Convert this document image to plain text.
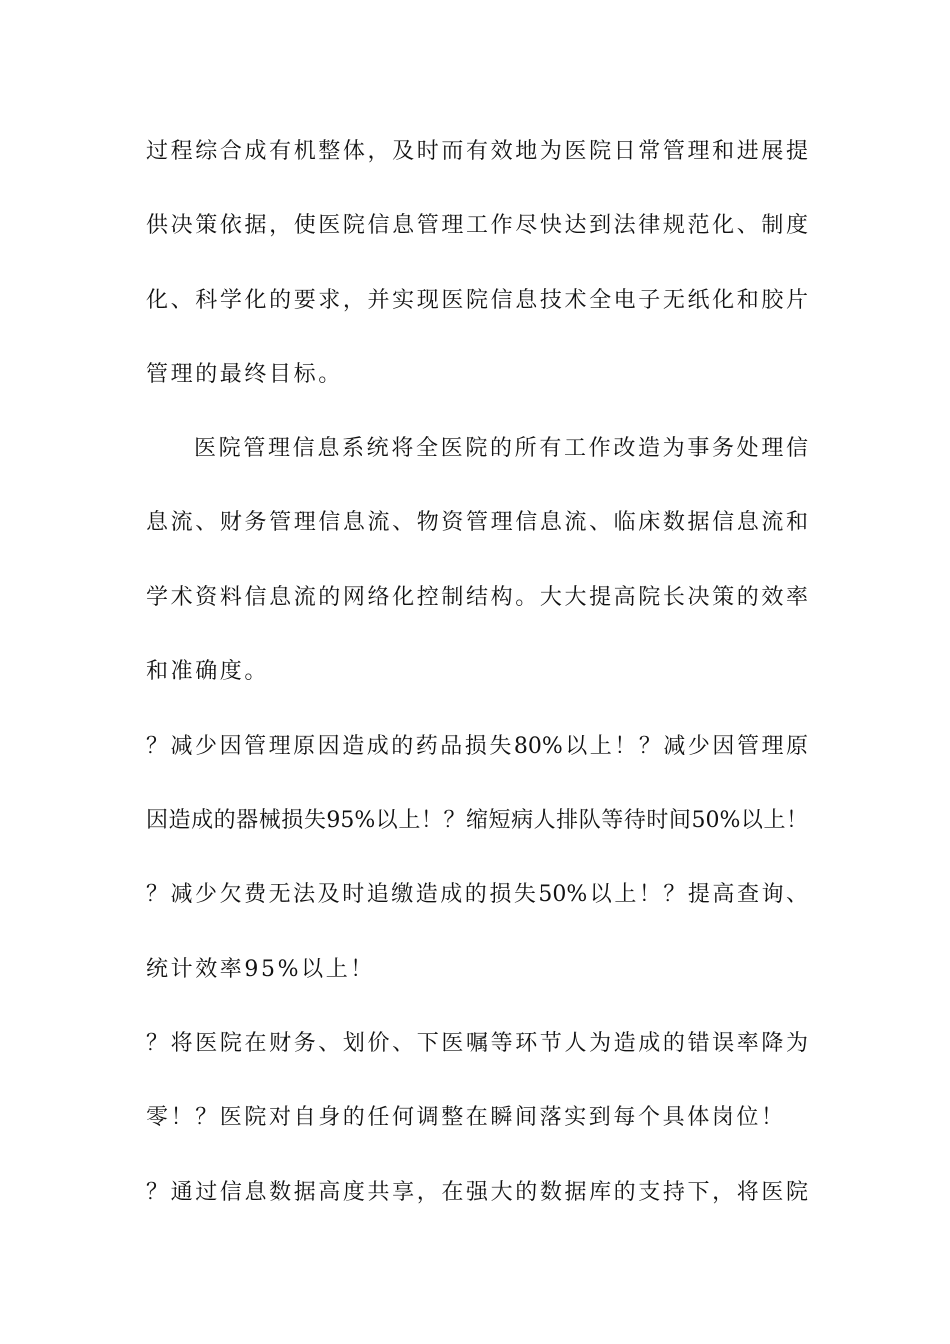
过程综合成有机整体，及时而有效地为医院日常管理和进展提
供决策依据，使医院信息管理工作尽快达到法律规范化、制度
化、科学化的要求，并实现医院信息技术全电子无纸化和胶片
管理的最终目标。
医院管理信息系统将全医院的所有工作改造为事务处理信
息流、财务管理信息流、物资管理信息流、临床数据信息流和
学术资料信息流的网络化控制结构。大大提高院长决策的效率
和准确度。
？减少因管理原因造成的药品损失80%以上！？减少因管理原
因造成的器械损失95%以上！？缩短病人排队等待时间50%以上！
？减少欠费无法及时追缴造成的损失50%以上！？提高查询、
统计效率95%以上！
？将医院在财务、划价、下医嘱等环节人为造成的错误率降为
零！？医院对自身的任何调整在瞬间落实到每个具体岗位！
？通过信息数据高度共享，在强大的数据库的支持下，将医院
